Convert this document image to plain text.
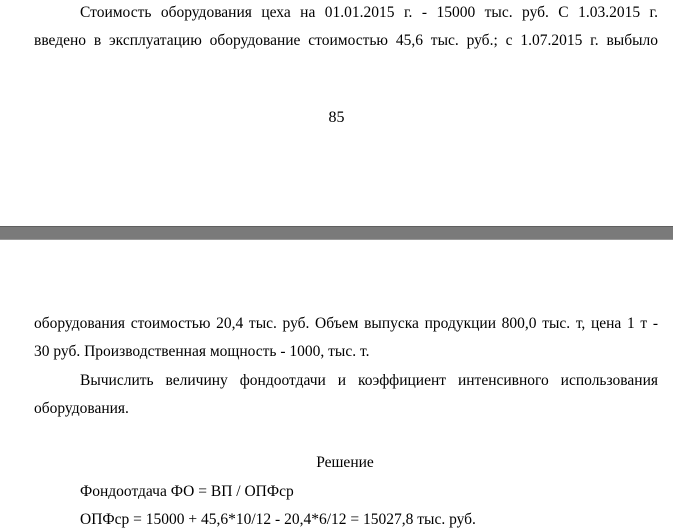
Стоимость оборудования цеха на 01.01.2015 г. - 15000 тыс. руб. С 1.03.2015 г.
введено в эксплуатацию оборудование стоимостью 45,6 тыс. руб.; с 1.07.2015 г. выбыло
85
оборудования стоимостью 20,4 тыс. руб. Объем выпуска продукции 800,0 тыс. т, цена 1 т -
30 руб. Производственная мощность - 1000, тыс. т.
Вычислить величину фондоотдачи и коэффициент интенсивного использования
оборудования.
Решение
Фондоотдача ФО = ВП / ОПФср
ОПФср = 15000 + 45,6*10/12 - 20,4*6/12 = 15027,8 тыс. руб.
